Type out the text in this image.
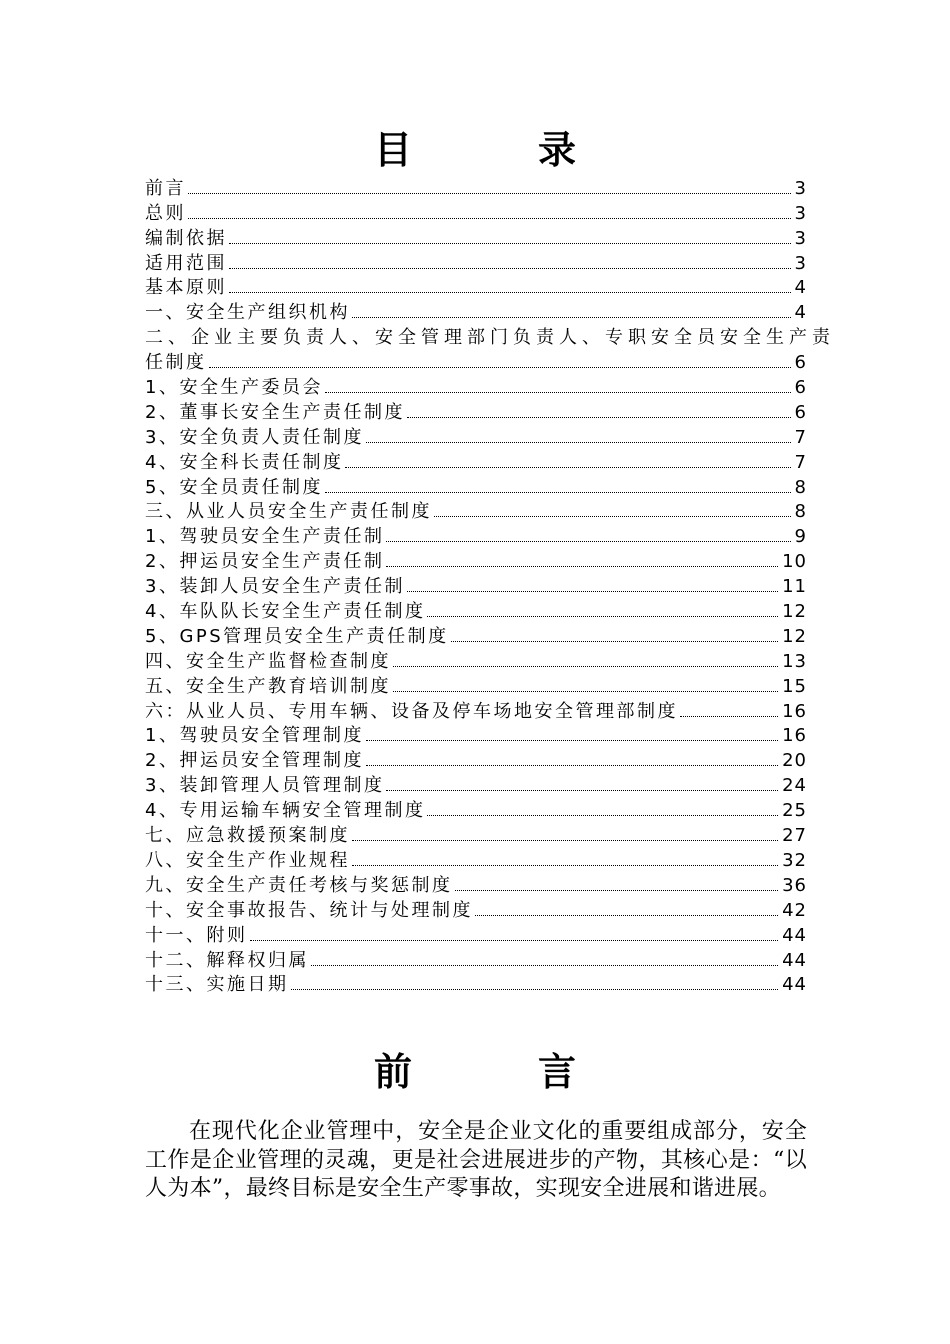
目　录
前言	3
总则	3
编制依据	3
适用范围	3
基本原则	4
一、安全生产组织机构	4
二、企业主要负责人、安全管理部门负责人、专职安全员安全生产责
任制度	6
1、安全生产委员会	6
2、董事长安全生产责任制度	6
3、安全负责人责任制度	7
4、安全科长责任制度	7
5、安全员责任制度	8
三、从业人员安全生产责任制度	8
1、驾驶员安全生产责任制	9
2、押运员安全生产责任制	10
3、装卸人员安全生产责任制	11
4、车队队长安全生产责任制度	12
5、GPS管理员安全生产责任制度	12
四、安全生产监督检查制度	13
五、安全生产教育培训制度	15
六：从业人员、专用车辆、设备及停车场地安全管理部制度	16
1、驾驶员安全管理制度	16
2、押运员安全管理制度	20
3、装卸管理人员管理制度	24
4、专用运输车辆安全管理制度	25
七、应急救援预案制度	27
八、安全生产作业规程	32
九、安全生产责任考核与奖惩制度	36
十、安全事故报告、统计与处理制度	42
十一、附则	44
十二、解释权归属	44
十三、实施日期	44
前　言

在现代化企业管理中，安全是企业文化的重要组成部分，安全工作是企业管理的灵魂，更是社会进展进步的产物，其核心是：“以人为本”，最终目标是安全生产零事故，实现安全进展和谐进展。
